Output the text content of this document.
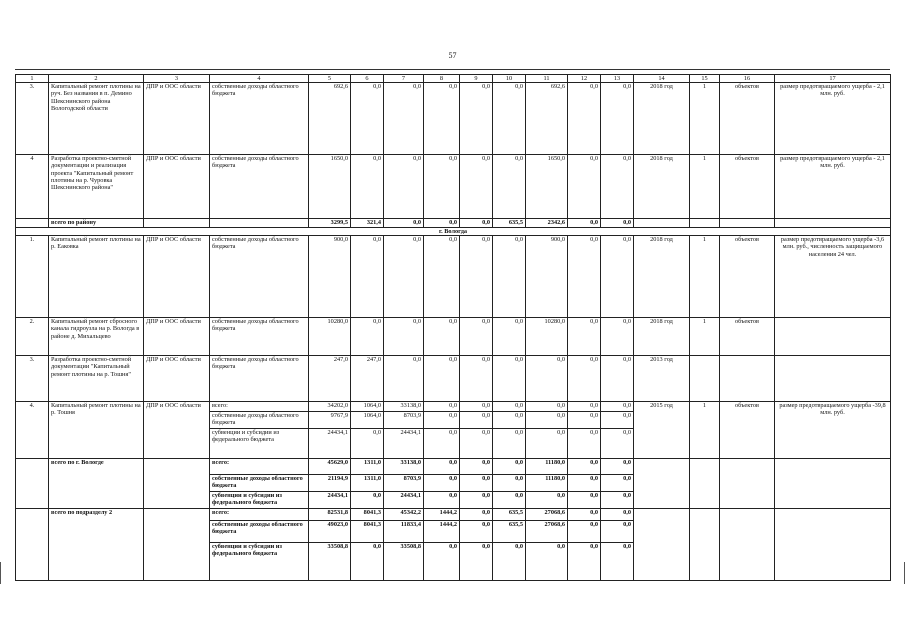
57
1	2	3	4	5	6	7	8	9	10	11	12	13	14	15	16	17
3.	Капитальный ремонт плотины на руч. Без названия в п. Демино Шекснинского района Вологодской области	ДПР и ООС области	собственные доходы областного бюджета	692,6	0,0	0,0	0,0	0,0	0,0	692,6	0,0	0,0	2018 год	1	объектов	размер предотвращаемого ущерба - 2,1 млн. руб.
4	Разработка проектно-сметной документации и реализация проекта "Капитальный ремонт плотины на р. Чуровка Шекснинского района"	ДПР и ООС области	собственные доходы областного бюджета	1650,0	0,0	0,0	0,0	0,0	0,0	1650,0	0,0	0,0	2018 год	1	объектов	размер предотвращаемого ущерба - 2,1 млн. руб.
	всего по району			3299,5	321,4	0,0	0,0	0,0	635,5	2342,6	0,0	0,0				
г. Вологда																
1.	Капитальный ремонт плотины на р. Еаковка	ДПР и ООС области	собственные доходы областного бюджета	900,0	0,0	0,0	0,0	0,0	0,0	900,0	0,0	0,0	2018 год	1	объектов	размер предотвращаемого ущерба -3,6 млн. руб., численность защищаемого населения 24 чел.
2.	Капитальный ремонт сбросного канала гидроузла на р. Вологда в районе д. Михальцево	ДПР и ООС области	собственные доходы областного бюджета	10280,0	0,0	0,0	0,0	0,0	0,0	10280,0	0,0	0,0	2018 год	1	объектов	
3.	Разработка проектно-сметной документации "Капитальный ремонт плотины на р. Тошня"	ДПР и ООС области	собственные доходы областного бюджета	247,0	247,0	0,0	0,0	0,0	0,0	0,0	0,0	0,0	2013 год			
4.	Капитальный ремонт плотины на р. Тошня	ДПР и ООС области	всего:	34202,0	1064,0	33138,0	0,0	0,0	0,0	0,0	0,0	0,0	2015 год	1	объектов	размер предотвращаемого ущерба -39,8 млн. руб.
			собственные доходы областного бюджета	9767,9	1064,0	8703,9	0,0	0,0	0,0	0,0	0,0	0,0				
			субвенции и субсидии из федерального бюджета	24434,1	0,0	24434,1	0,0	0,0	0,0	0,0	0,0	0,0				
	всего по г. Вологде		всего:	45629,0	1311,0	33138,0	0,0	0,0	0,0	11180,0	0,0	0,0				
			собственные доходы областного бюджета	21194,9	1311,0	8703,9	0,0	0,0	0,0	11180,0	0,0	0,0				
			субвенции и субсидии из федерального бюджета	24434,1	0,0	24434,1	0,0	0,0	0,0	0,0	0,0	0,0				
	всего по подразделу 2		всего:	82531,8	8041,3	45342,2	1444,2	0,0	635,5	27068,6	0,0	0,0				
			собственные доходы областного бюджета	49023,0	8041,3	11833,4	1444,2	0,0	635,5	27068,6	0,0	0,0				
			субвенции и субсидии из федерального бюджета	33508,8	0,0	33508,8	0,0	0,0	0,0	0,0	0,0	0,0				
